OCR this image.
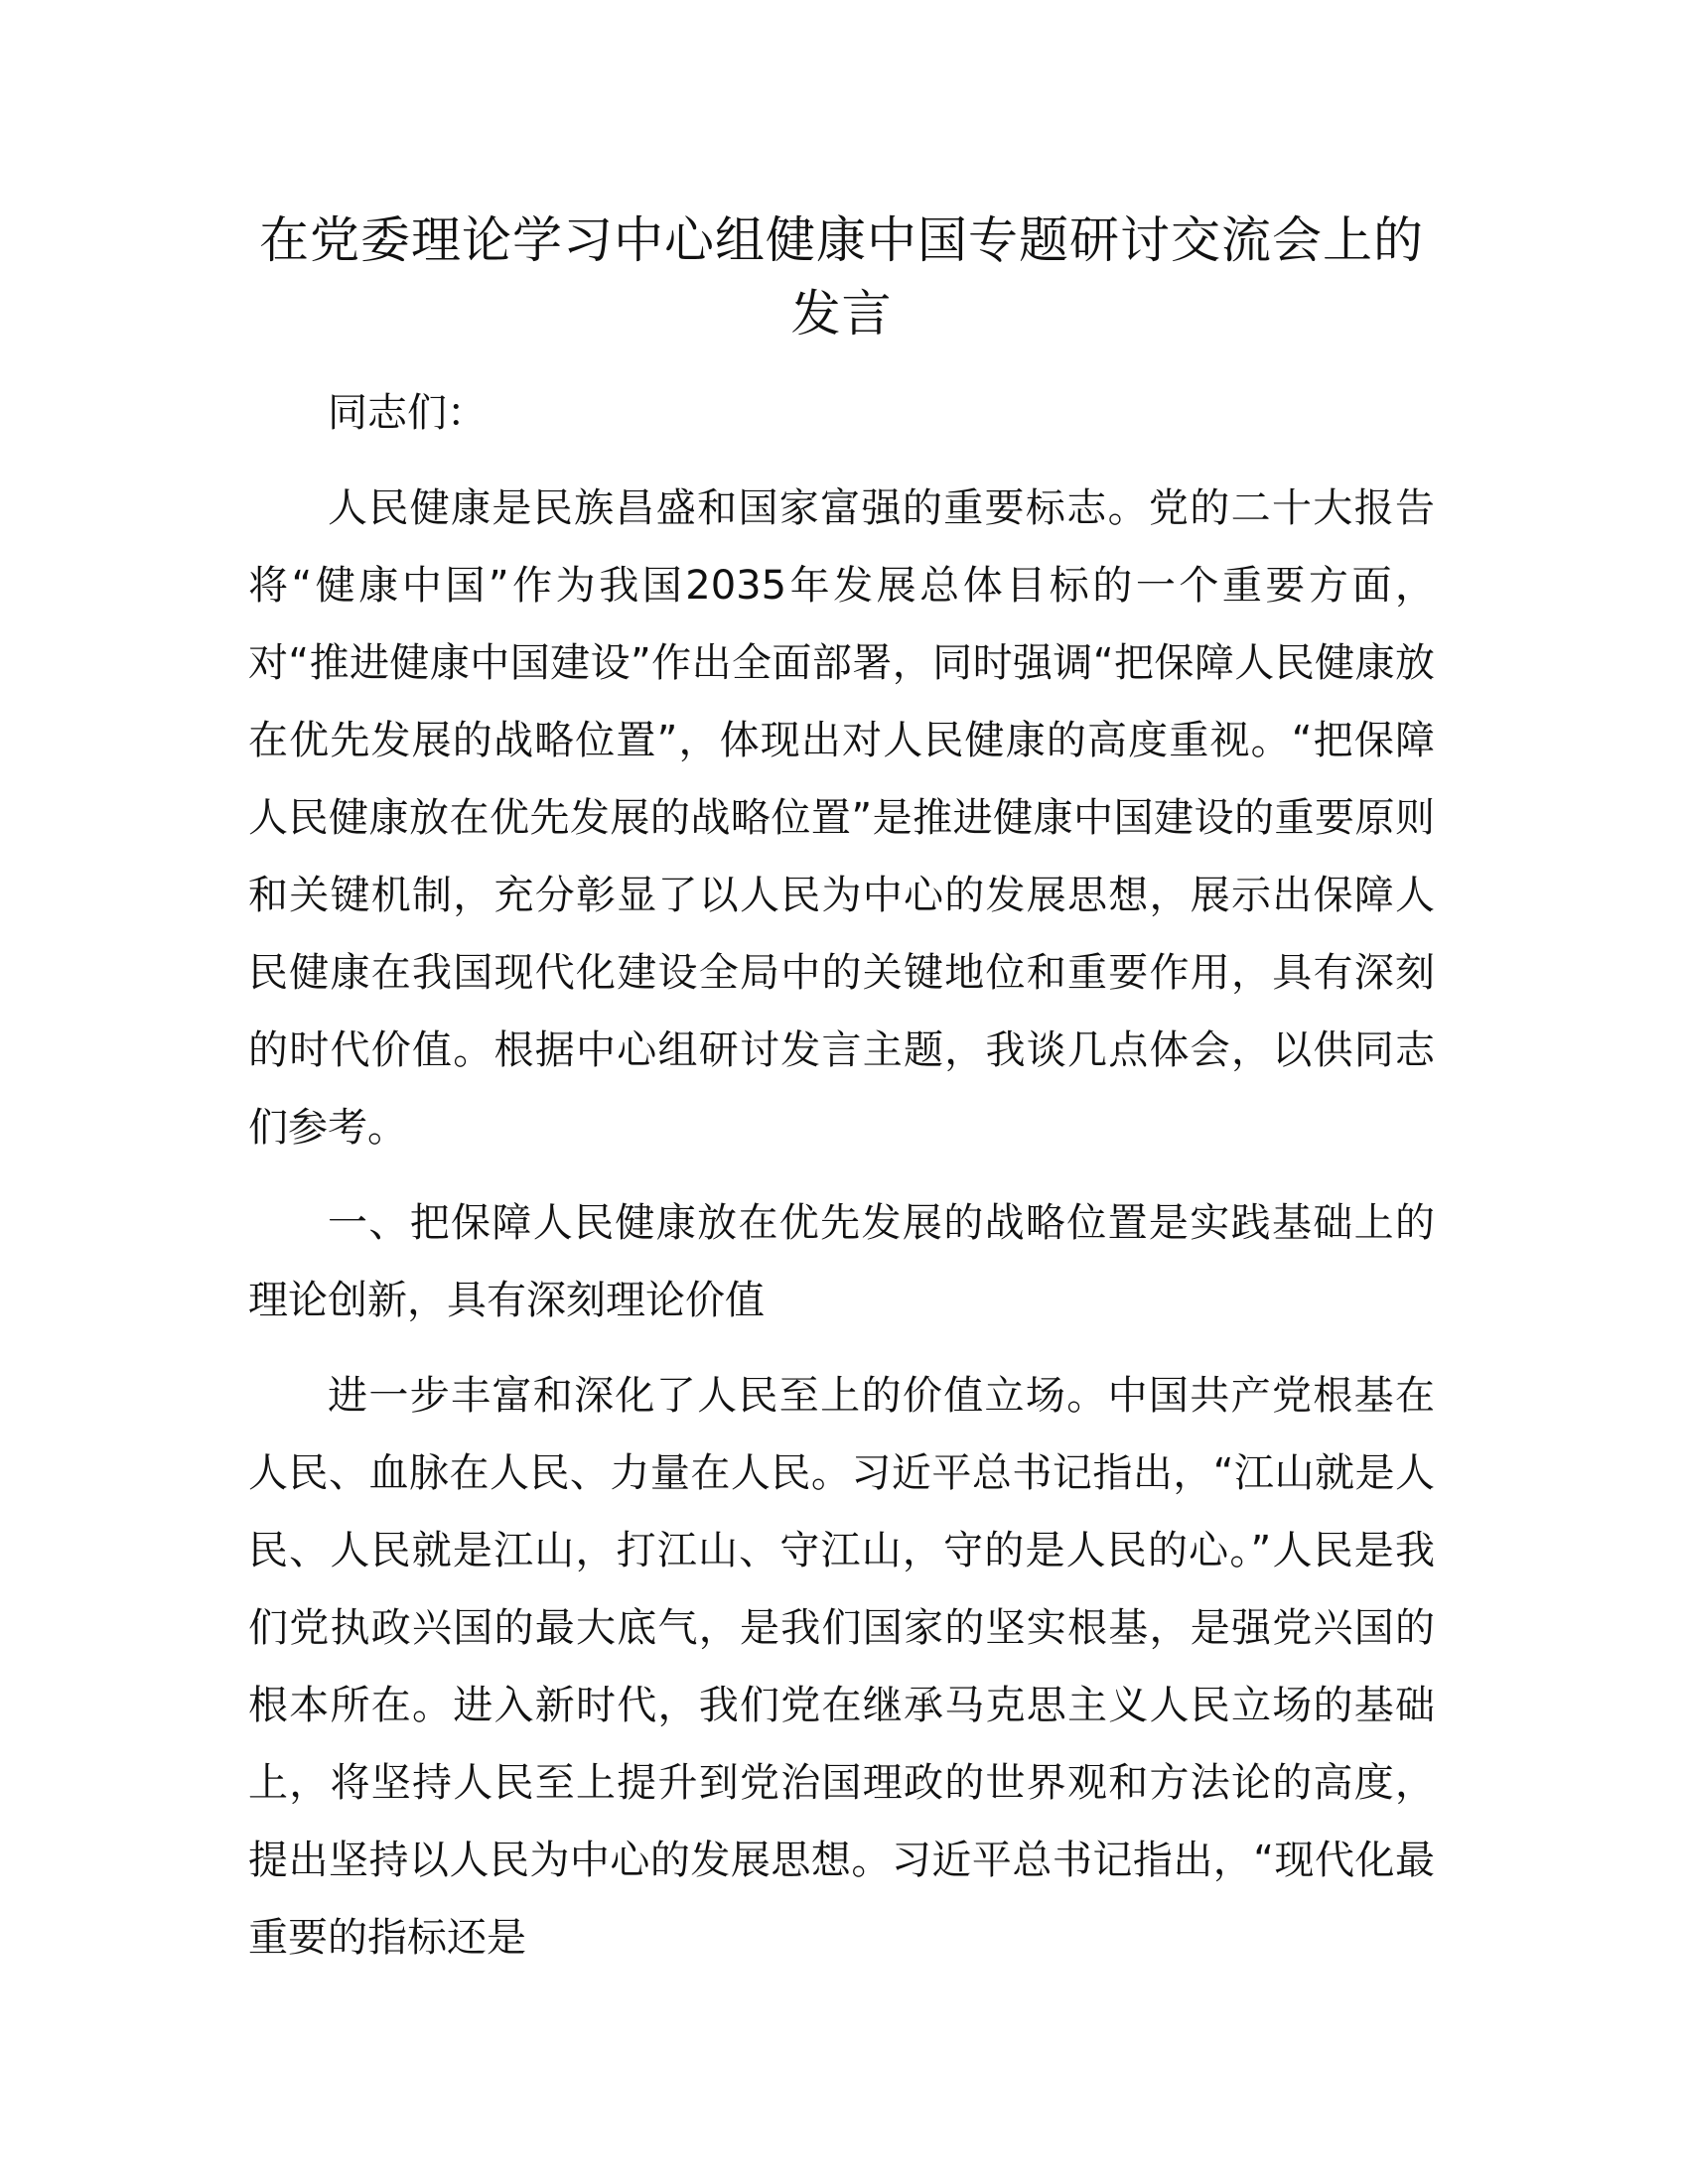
在党委理论学习中心组健康中国专题研讨交流会上的发言

同志们：

人民健康是民族昌盛和国家富强的重要标志。党的二十大报告将“健康中国”作为我国2035年发展总体目标的一个重要方面，对“推进健康中国建设”作出全面部署，同时强调“把保障人民健康放在优先发展的战略位置”，体现出对人民健康的高度重视。“把保障人民健康放在优先发展的战略位置”是推进健康中国建设的重要原则和关键机制，充分彰显了以人民为中心的发展思想，展示出保障人民健康在我国现代化建设全局中的关键地位和重要作用，具有深刻的时代价值。根据中心组研讨发言主题，我谈几点体会，以供同志们参考。

一、把保障人民健康放在优先发展的战略位置是实践基础上的理论创新，具有深刻理论价值

进一步丰富和深化了人民至上的价值立场。中国共产党根基在人民、血脉在人民、力量在人民。习近平总书记指出，“江山就是人民、人民就是江山，打江山、守江山，守的是人民的心。”人民是我们党执政兴国的最大底气，是我们国家的坚实根基，是强党兴国的根本所在。进入新时代，我们党在继承马克思主义人民立场的基础上，将坚持人民至上提升到党治国理政的世界观和方法论的高度，提出坚持以人民为中心的发展思想。习近平总书记指出，“现代化最重要的指标还是
